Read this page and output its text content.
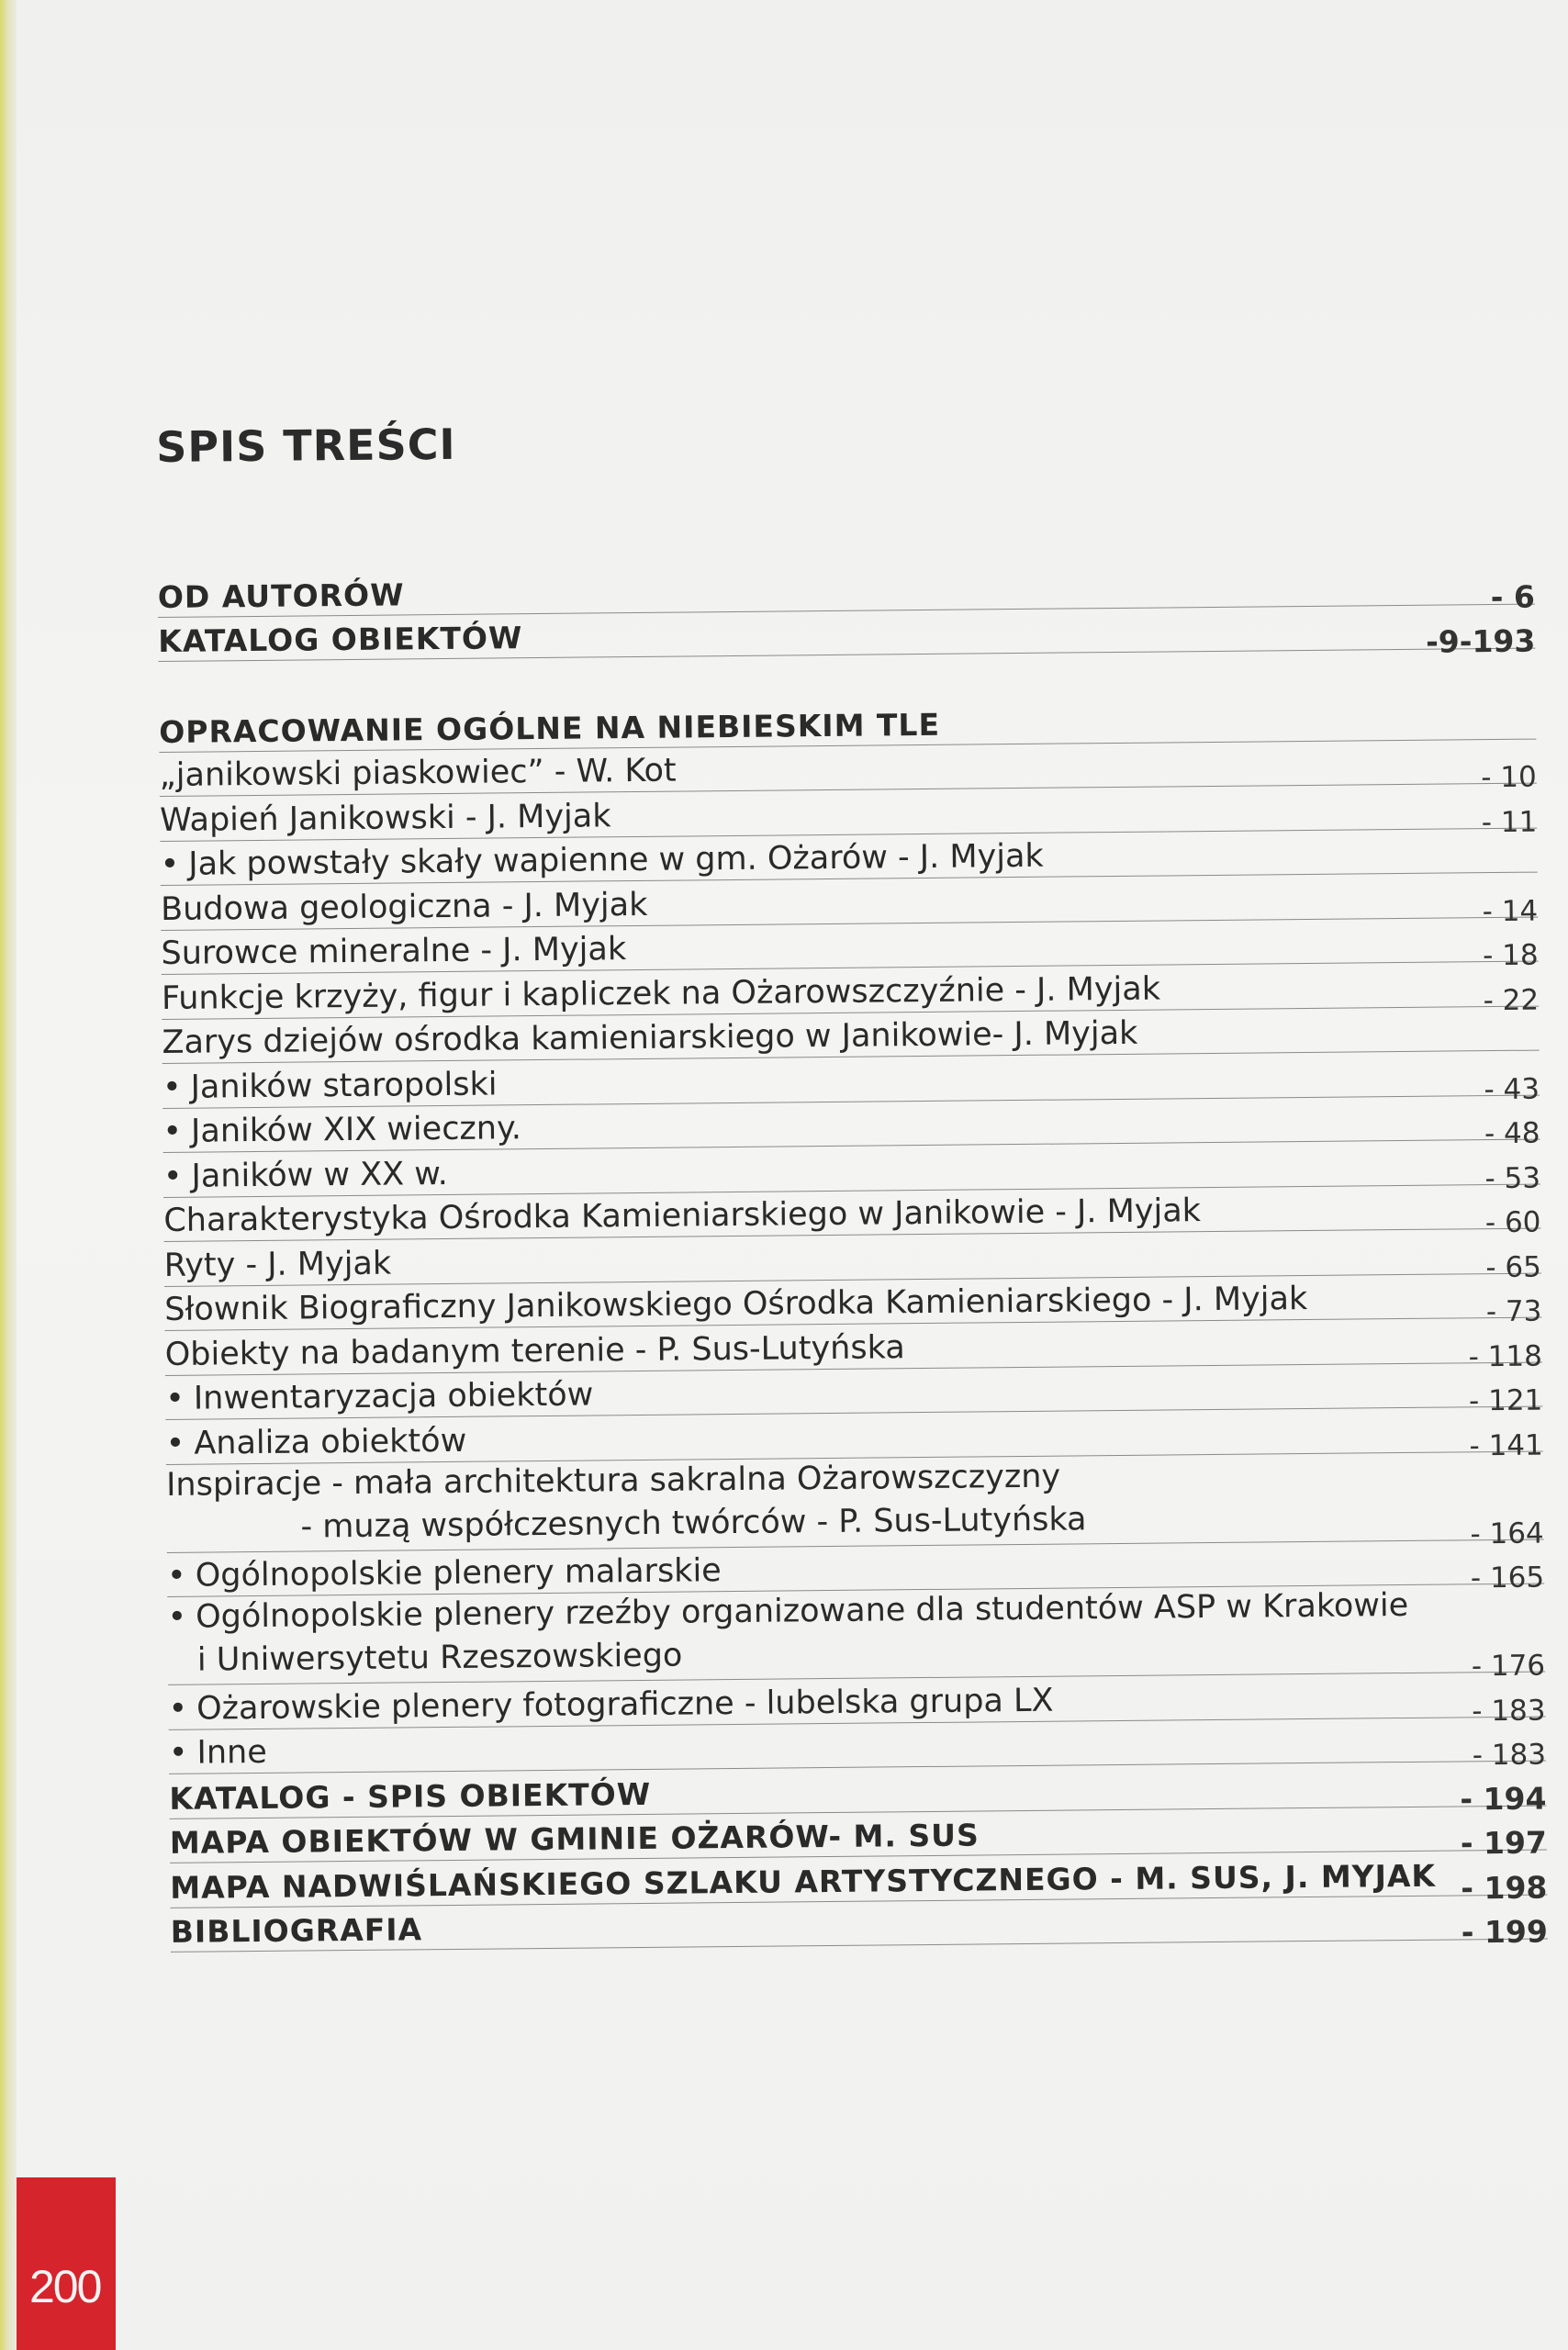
SPIS TREŚCI
OD AUTORÓW	- 6
KATALOG OBIEKTÓW	-9-193
OPRACOWANIE OGÓLNE NA NIEBIESKIM TLE
„janikowski piaskowiec” - W. Kot	- 10
Wapień Janikowski - J. Myjak	- 11
• Jak powstały skały wapienne w gm. Ożarów - J. Myjak
Budowa geologiczna - J. Myjak	- 14
Surowce mineralne - J. Myjak	- 18
Funkcje krzyży, figur i kapliczek na Ożarowszczyźnie - J. Myjak	- 22
Zarys dziejów ośrodka kamieniarskiego w Janikowie- J. Myjak
• Janików staropolski	- 43
• Janików XIX wieczny.	- 48
• Janików w XX w.	- 53
Charakterystyka Ośrodka Kamieniarskiego w Janikowie - J. Myjak	- 60
Ryty - J. Myjak	- 65
Słownik Biograficzny Janikowskiego Ośrodka Kamieniarskiego - J. Myjak	- 73
Obiekty na badanym terenie - P. Sus-Lutyńska	- 118
• Inwentaryzacja obiektów	- 121
• Analiza obiektów	- 141
Inspiracje - mała architektura sakralna Ożarowszczyzny
- muzą współczesnych twórców - P. Sus-Lutyńska	- 164
• Ogólnopolskie plenery malarskie	- 165
• Ogólnopolskie plenery rzeźby organizowane dla studentów ASP w Krakowie
i Uniwersytetu Rzeszowskiego	- 176
• Ożarowskie plenery fotograficzne - lubelska grupa LX	- 183
• Inne	- 183
KATALOG - SPIS OBIEKTÓW	- 194
MAPA OBIEKTÓW W GMINIE OŻARÓW- M. SUS	- 197
MAPA NADWIŚLAŃSKIEGO SZLAKU ARTYSTYCZNEGO - M. SUS, J. MYJAK - 198
BIBLIOGRAFIA	- 199
200
